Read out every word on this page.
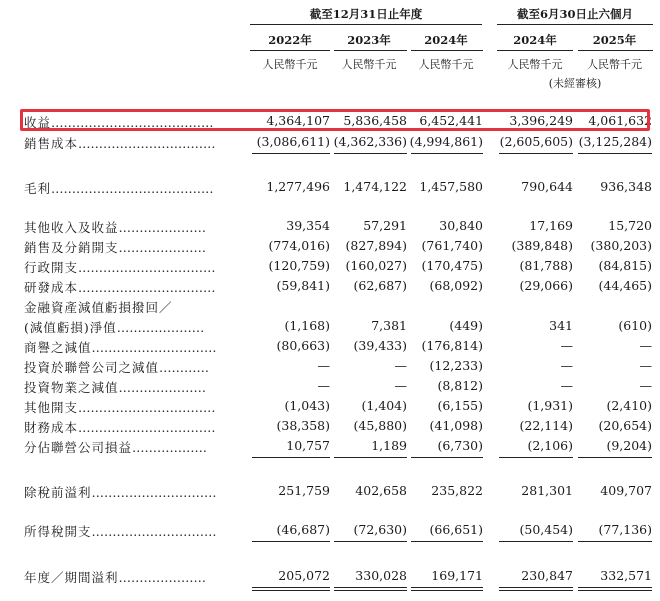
截至12月31日止年度	截至6月30日止六個月
2022年	2023年	2024年	2024年	2025年
人民幣千元	人民幣千元	人民幣千元	人民幣千元	人民幣千元
(未經審核)
收益…………………………………	4,364,107	5,836,458 6,452,441	3,396,249	4,061,632
銷售成本……………………………	(3,086,611) (4,362,336) (4,994,861)	(2,605,605) (3,125,284)
毛利…………………………………	1,277,496	1,474,122 1,457,580	790,644	936,348
其他收入及收益…………………	39,354	57,291	30,840	17,169	15,720
銷售及分銷開支…………………	(774,016)	(827,894)	(761,740)	(389,848)	(380,203)
行政開支……………………………	(120,759)	(160,027)	(170,475)	(81,788)	(84,815)
研發成本……………………………	(59,841)	(62,687)	(68,092)	(29,066)	(44,465)
金融資產減值虧損撥回／
(減值虧損)淨值…………………	(1,168)	7,381	(449)	341	(610)
商譽之減值…………………………	(80,663)	(39,433)	(176,814)	—	—
投資於聯營公司之減值…………	—	—	(12,233)	—	—
投資物業之減值…………………	—	—	(8,812)	—	—
其他開支……………………………	(1,043)	(1,404)	(6,155)	(1,931)	(2,410)
財務成本……………………………	(38,358)	(45,880)	(41,098)	(22,114)	(20,654)
分佔聯營公司損益………………	10,757	1,189	(6,730)	(2,106)	(9,204)
除稅前溢利…………………………	251,759	402,658	235,822	281,301	409,707
所得稅開支…………………………	(46,687)	(72,630)	(66,651)	(50,454)	(77,136)
年度／期間溢利…………………	205,072	330,028	169,171	230,847	332,571
